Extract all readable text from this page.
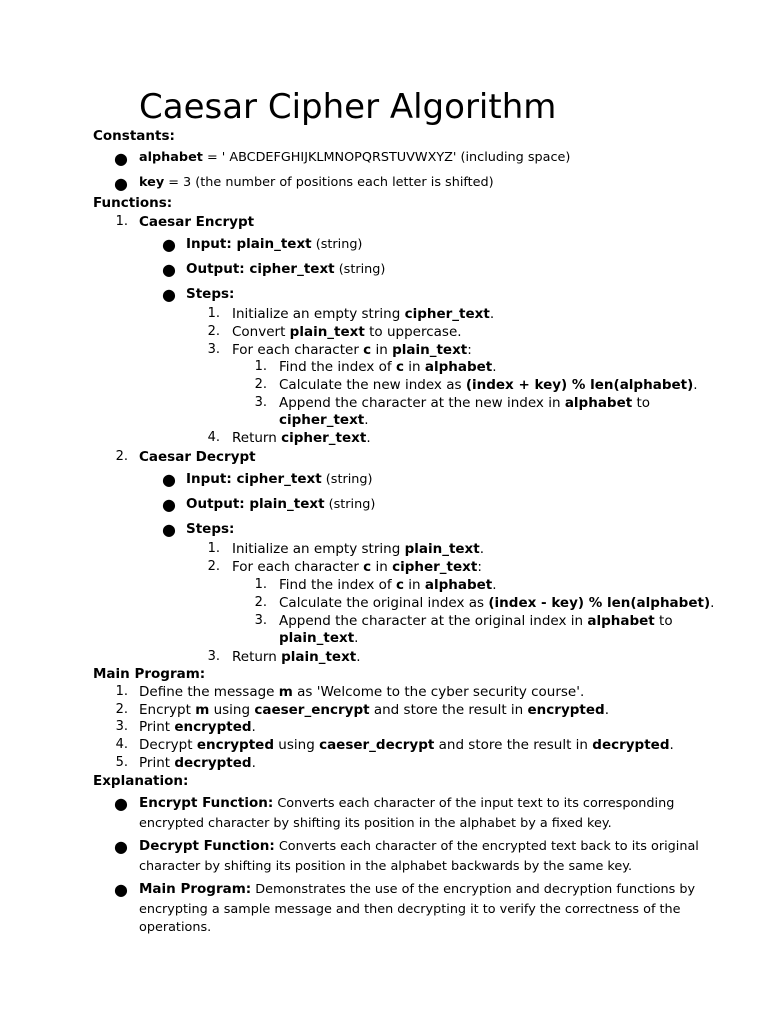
Caesar Cipher Algorithm
Constants:
● alphabet = ' ABCDEFGHIJKLMNOPQRSTUVWXYZ' (including space)
● key = 3 (the number of positions each letter is shifted)
Functions:
1. Caesar Encrypt
● Input: plain_text (string)
● Output: cipher_text (string)
● Steps:
1. Initialize an empty string cipher_text.
2. Convert plain_text to uppercase.
3. For each character c in plain_text:
1. Find the index of c in alphabet.
2. Calculate the new index as (index + key) % len(alphabet).
3. Append the character at the new index in alphabet to
cipher_text.
4. Return cipher_text.
2. Caesar Decrypt
● Input: cipher_text (string)
● Output: plain_text (string)
● Steps:
1. Initialize an empty string plain_text.
2. For each character c in cipher_text:
1. Find the index of c in alphabet.
2. Calculate the original index as (index - key) % len(alphabet).
3. Append the character at the original index in alphabet to
plain_text.
3. Return plain_text.
Main Program:
1. Define the message m as 'Welcome to the cyber security course'.
2. Encrypt m using caeser_encrypt and store the result in encrypted.
3. Print encrypted.
4. Decrypt encrypted using caeser_decrypt and store the result in decrypted.
5. Print decrypted.
Explanation:
● Encrypt Function: Converts each character of the input text to its corresponding
encrypted character by shifting its position in the alphabet by a fixed key.
● Decrypt Function: Converts each character of the encrypted text back to its original
character by shifting its position in the alphabet backwards by the same key.
● Main Program: Demonstrates the use of the encryption and decryption functions by
encrypting a sample message and then decrypting it to verify the correctness of the
operations.
